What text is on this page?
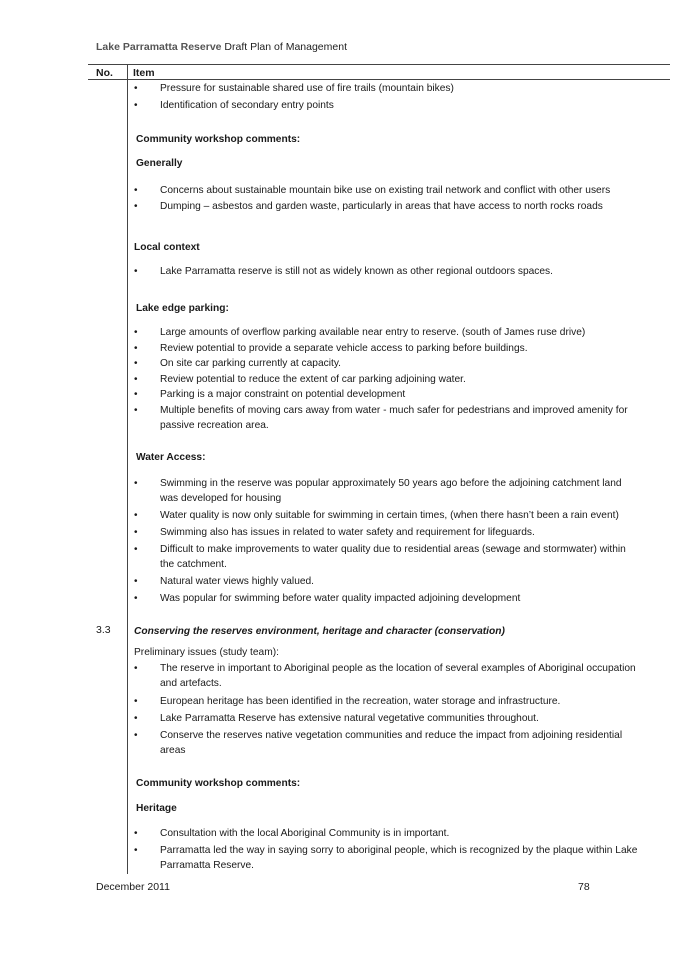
Lake Parramatta Reserve Draft Plan of Management
No. Item
• Pressure for sustainable shared use of fire trails (mountain bikes)
• Identification of secondary entry points
Community workshop comments:
Generally
• Concerns about sustainable mountain bike use on existing trail network and conflict with other users
• Dumping – asbestos and garden waste, particularly in areas that have access to north rocks roads
Local context
• Lake Parramatta reserve is still not as widely known as other regional outdoors spaces.
Lake edge parking:
• Large amounts of overflow parking available near entry to reserve. (south of James ruse drive)
• Review potential to provide a separate vehicle access to parking before buildings.
• On site car parking currently at capacity.
• Review potential to reduce the extent of car parking adjoining water.
• Parking is a major constraint on potential development
• Multiple benefits of moving cars away from water - much safer for pedestrians and improved amenity for passive recreation area.
Water Access:
• Swimming in the reserve was popular approximately 50 years ago before the adjoining catchment land was developed for housing
• Water quality is now only suitable for swimming in certain times, (when there hasn’t been a rain event)
• Swimming also has issues in related to water safety and requirement for lifeguards.
• Difficult to make improvements to water quality due to residential areas (sewage and stormwater) within the catchment.
• Natural water views highly valued.
• Was popular for swimming before water quality impacted adjoining development
3.3 Conserving the reserves environment, heritage and character (conservation)
Preliminary issues (study team):
• The reserve in important to Aboriginal people as the location of several examples of Aboriginal occupation and artefacts.
• European heritage has been identified in the recreation, water storage and infrastructure.
• Lake Parramatta Reserve has extensive natural vegetative communities throughout.
• Conserve the reserves native vegetation communities and reduce the impact from adjoining residential areas
Community workshop comments:
Heritage
• Consultation with the local Aboriginal Community is in important.
• Parramatta led the way in saying sorry to aboriginal people, which is recognized by the plaque within Lake Parramatta Reserve.
December 2011	78
